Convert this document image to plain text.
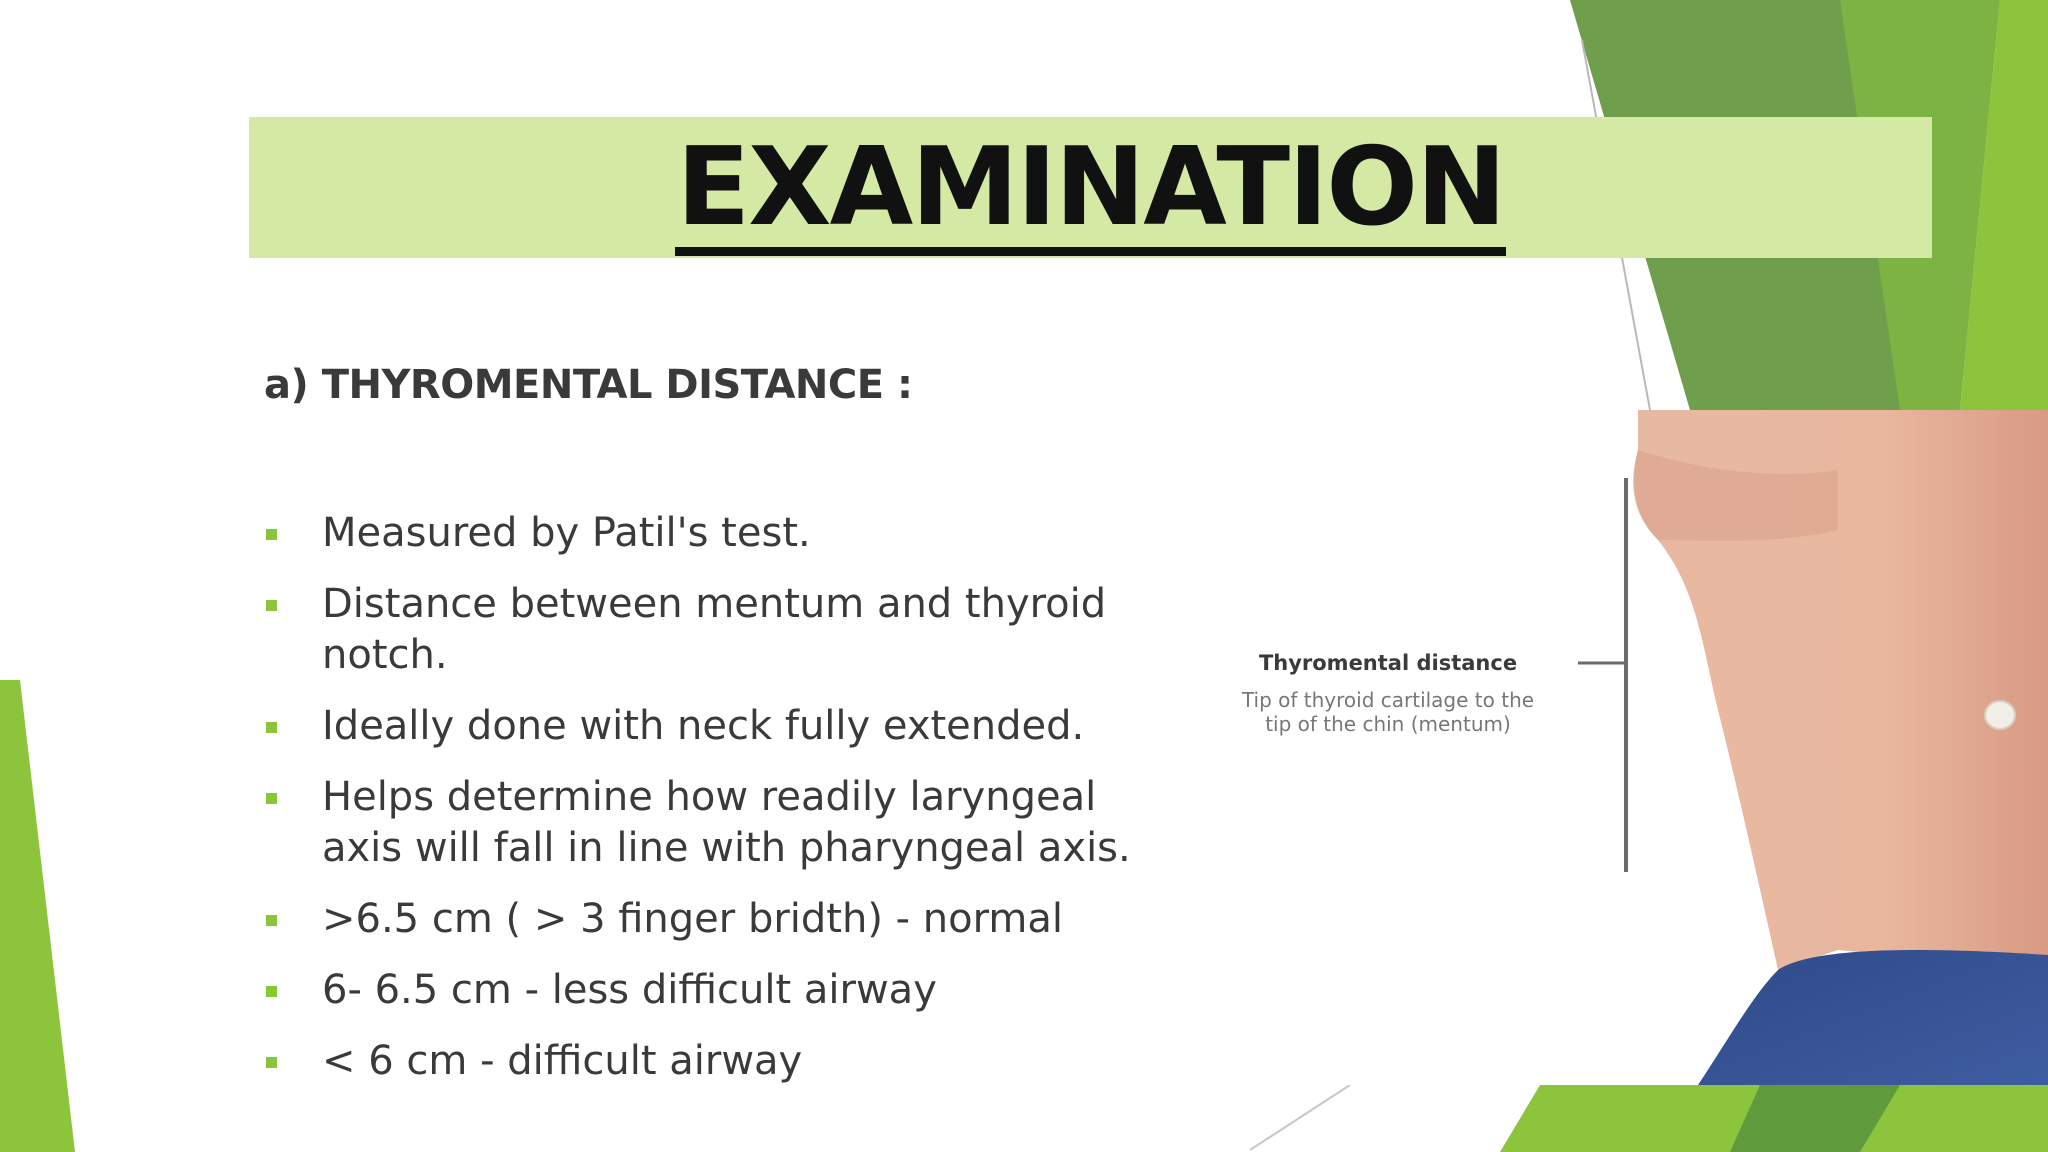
EXAMINATION
a) THYROMENTAL DISTANCE :
Measured by Patil's test.
Distance between mentum and thyroid notch.
Ideally done with neck fully extended.
Helps determine how readily laryngeal axis will fall in line with pharyngeal axis.
>6.5 cm ( > 3 finger bridth) - normal
6- 6.5 cm - less difficult airway
< 6 cm - difficult airway
Thyromental distance
Tip of thyroid cartilage to the
tip of the chin (mentum)
